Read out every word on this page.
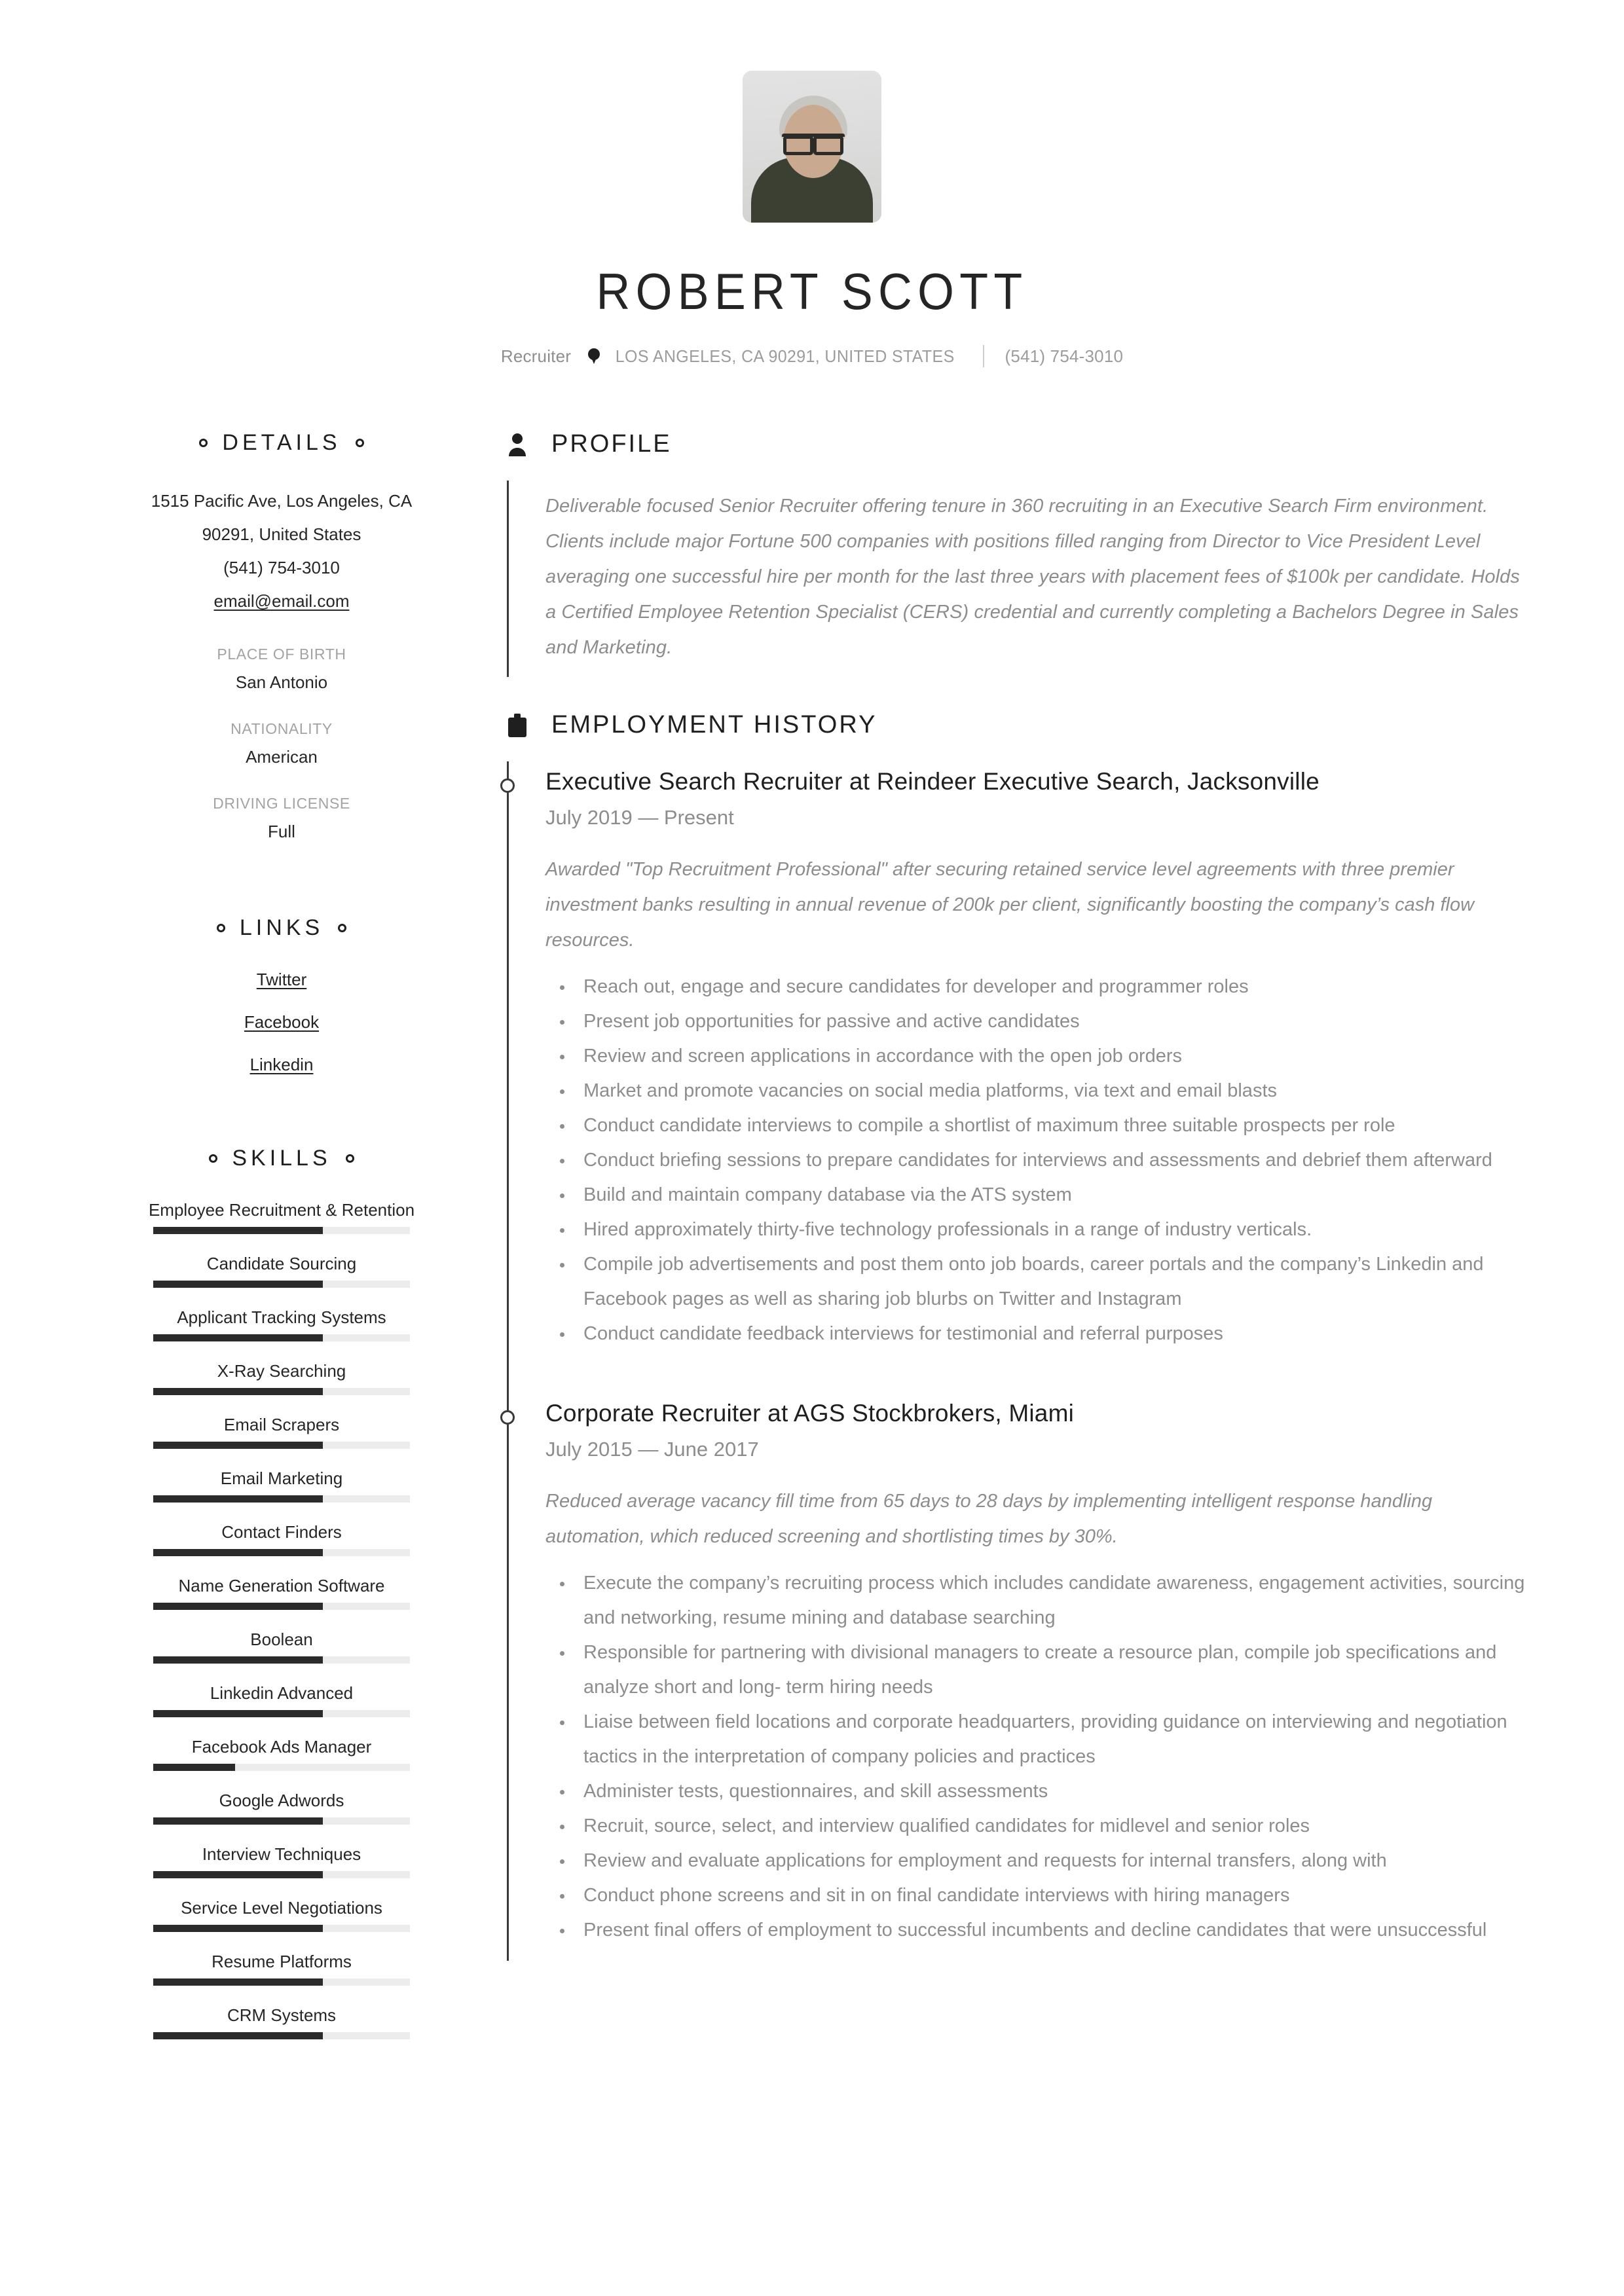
ROBERT SCOTT
Recruiter	LOS ANGELES, CA 90291, UNITED STATES	(541) 754-3010
DETAILS
1515 Pacific Ave, Los Angeles, CA
90291, United States
(541) 754-3010
email@email.com
PLACE OF BIRTH
San Antonio
NATIONALITY
American
DRIVING LICENSE
Full
LINKS
Twitter
Facebook
Linkedin
SKILLS
Employee Recruitment & Retention
Candidate Sourcing
Applicant Tracking Systems
X-Ray Searching
Email Scrapers
Email Marketing
Contact Finders
Name Generation Software
Boolean
Linkedin Advanced
Facebook Ads Manager
Google Adwords
Interview Techniques
Service Level Negotiations
Resume Platforms
CRM Systems
PROFILE

Deliverable focused Senior Recruiter offering tenure in 360 recruiting in an Executive Search Firm environment. Clients include major Fortune 500 companies with positions filled ranging from Director to Vice President Level averaging one successful hire per month for the last three years with placement fees of $100k per candidate. Holds a Certified Employee Retention Specialist (CERS) credential and currently completing a Bachelors Degree in Sales and Marketing.

EMPLOYMENT HISTORY
Executive Search Recruiter at Reindeer Executive Search, Jacksonville
July 2019 — Present

Awarded "Top Recruitment Professional" after securing retained service level agreements with three premier investment banks resulting in annual revenue of 200k per client, significantly boosting the company’s cash flow resources.

Reach out, engage and secure candidates for developer and programmer roles
Present job opportunities for passive and active candidates
Review and screen applications in accordance with the open job orders
Market and promote vacancies on social media platforms, via text and email blasts
Conduct candidate interviews to compile a shortlist of maximum three suitable prospects per role
Conduct briefing sessions to prepare candidates for interviews and assessments and debrief them afterward
Build and maintain company database via the ATS system
Hired approximately thirty-five technology professionals in a range of industry verticals.
Compile job advertisements and post them onto job boards, career portals and the company’s Linkedin and Facebook pages as well as sharing job blurbs on Twitter and Instagram
Conduct candidate feedback interviews for testimonial and referral purposes
Corporate Recruiter at AGS Stockbrokers, Miami
July 2015 — June 2017

Reduced average vacancy fill time from 65 days to 28 days by implementing intelligent response handling automation, which reduced screening and shortlisting times by 30%.

Execute the company’s recruiting process which includes candidate awareness, engagement activities, sourcing and networking, resume mining and database searching
Responsible for partnering with divisional managers to create a resource plan, compile job specifications and analyze short and long- term hiring needs
Liaise between field locations and corporate headquarters, providing guidance on interviewing and negotiation tactics in the interpretation of company policies and practices
Administer tests, questionnaires, and skill assessments
Recruit, source, select, and interview qualified candidates for midlevel and senior roles
Review and evaluate applications for employment and requests for internal transfers, along with
Conduct phone screens and sit in on final candidate interviews with hiring managers
Present final offers of employment to successful incumbents and decline candidates that were unsuccessful
